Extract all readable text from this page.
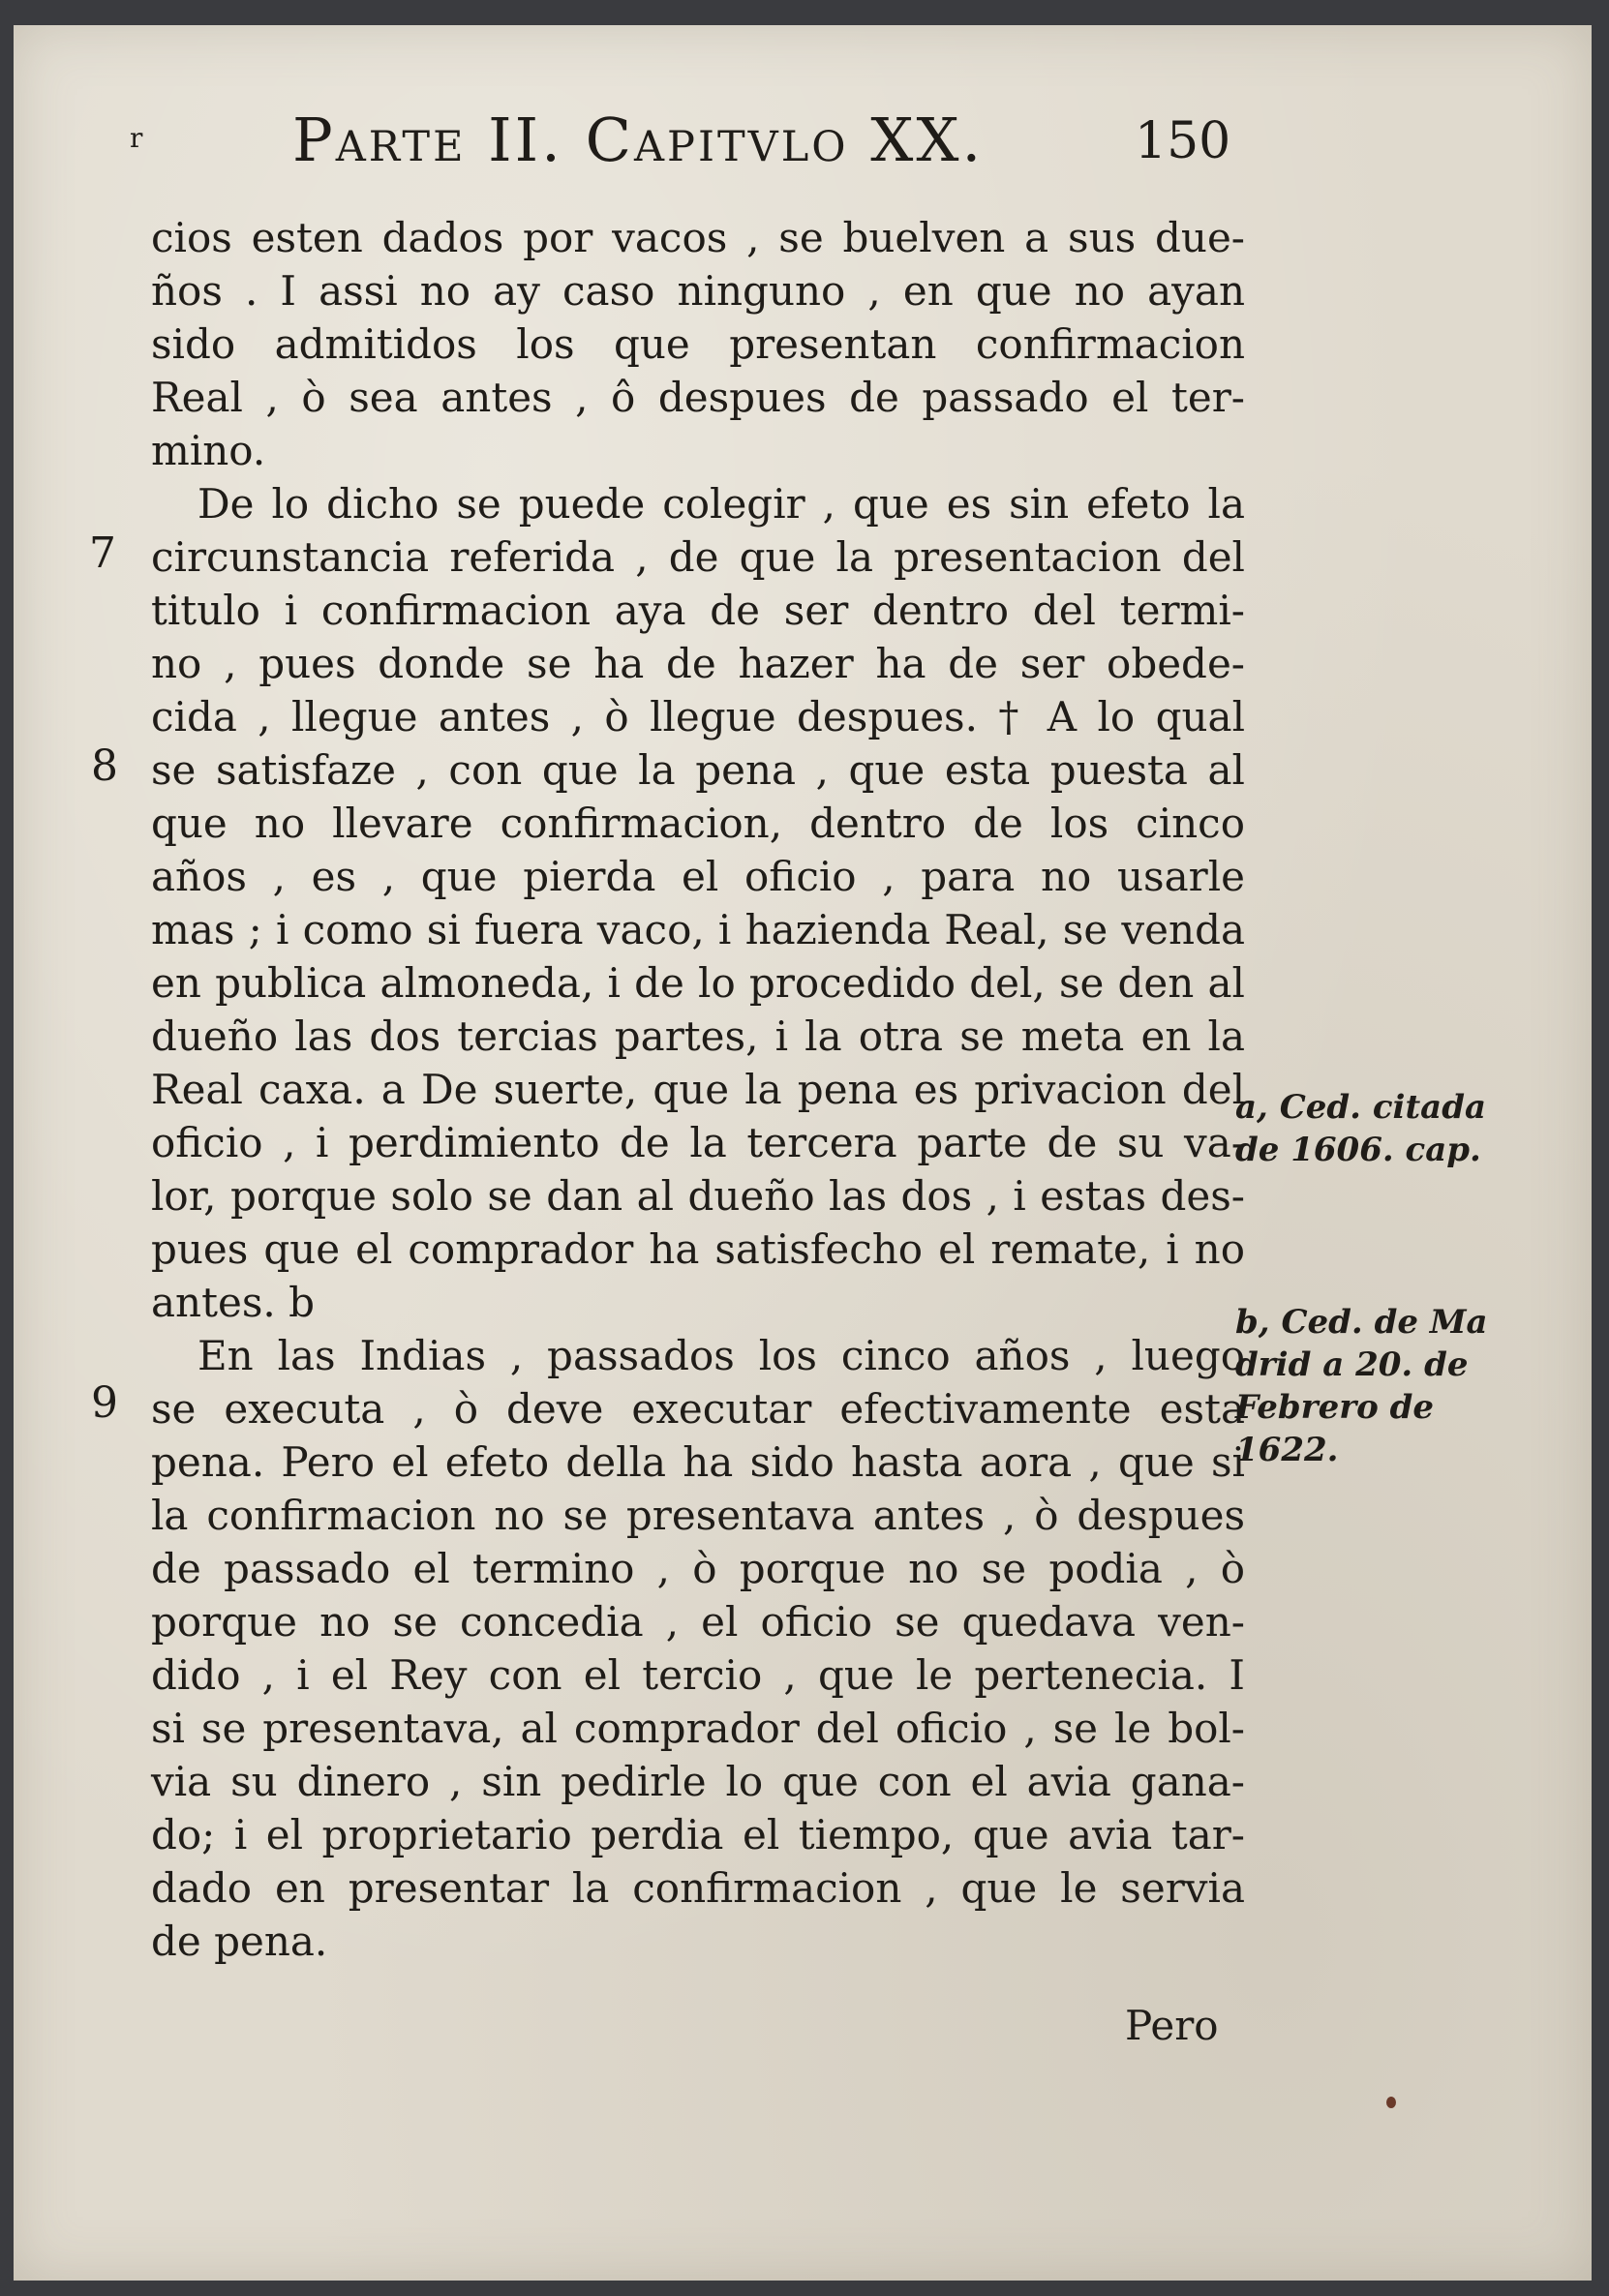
r Parte II. Capitvlo XX.	150
7
8
9
cios esten dados por vacos , se buelven a sus due-
ños . I assi no ay caso ninguno , en que no ayan
sido admitidos los que presentan confirmacion
Real , ò sea antes , ô despues de passado el ter-
mino.
De lo dicho se puede colegir , que es sin efeto la
circunstancia referida , de que la presentacion del
titulo i confirmacion aya de ser dentro del termi-
no , pues donde se ha de hazer ha de ser obede-
cida , llegue antes , ò llegue despues. † A lo qual
se satisfaze , con que la pena , que esta puesta al
que no llevare confirmacion, dentro de los cinco
años , es , que pierda el oficio , para no usarle
mas ; i como si fuera vaco, i hazienda Real, se venda
en publica almoneda, i de lo procedido del, se den al
dueño las dos tercias partes, i la otra se meta en la
Real caxa. a De suerte, que la pena es privacion del
oficio , i perdimiento de la tercera parte de su va-
lor, porque solo se dan al dueño las dos , i estas des-
pues que el comprador ha satisfecho el remate, i no
antes. b
En las Indias , passados los cinco años , luego
se executa , ò deve executar efectivamente esta
pena. Pero el efeto della ha sido hasta aora , que si
la confirmacion no se presentava antes , ò despues
de passado el termino , ò porque no se podia , ò
porque no se concedia , el oficio se quedava ven-
dido , i el Rey con el tercio , que le pertenecia. I
si se presentava, al comprador del oficio , se le bol-
via su dinero , sin pedirle lo que con el avia gana-
do; i el proprietario perdia el tiempo, que avia tar-
dado en presentar la confirmacion , que le servia
de pena.
a, Ced. citada
de 1606. cap.
b, Ced. de Ma
drid a 20. de
Febrero de
1622.
Pero
